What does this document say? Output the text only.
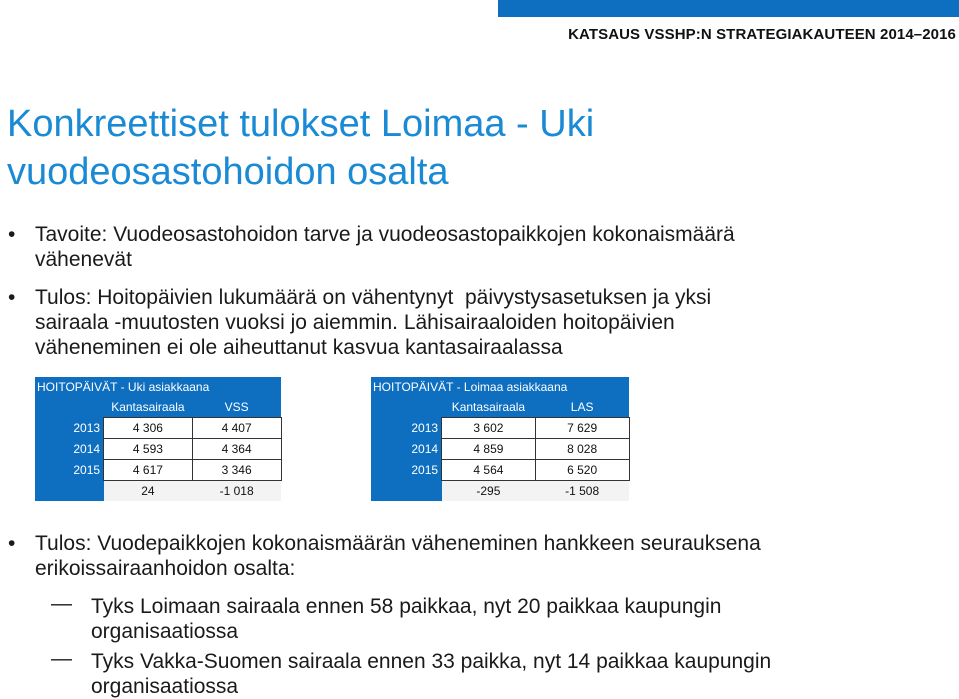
KATSAUS VSSHP:N STRATEGIAKAUTEEN 2014–2016
Konkreettiset tulokset Loimaa - Uki
vuodeosastohoidon osalta
• Tavoite: Vuodeosastohoidon tarve ja vuodeosastopaikkojen kokonaismäärä
vähenevät
• Tulos: Hoitopäivien lukumäärä on vähentynyt  päivystysasetuksen ja yksi
sairaala -muutosten vuoksi jo aiemmin. Lähisairaaloiden hoitopäivien
väheneminen ei ole aiheuttanut kasvua kantasairaalassa
HOITOPÄIVÄT - Uki asiakkaana		
	Kantasairaala	VSS
2013	4 306	4 407
2014	4 593	4 364
2015	4 617	3 346
	24	-1 018
HOITOPÄIVÄT - Loimaa asiakkaana		
	Kantasairaala	LAS
2013	3 602	7 629
2014	4 859	8 028
2015	4 564	6 520
	-295	-1 508
• Tulos: Vuodepaikkojen kokonaismäärän väheneminen hankkeen seurauksena
erikoissairaanhoidon osalta:
— Tyks Loimaan sairaala ennen 58 paikkaa, nyt 20 paikkaa kaupungin
organisaatiossa
— Tyks Vakka-Suomen sairaala ennen 33 paikka, nyt 14 paikkaa kaupungin
organisaatiossa
